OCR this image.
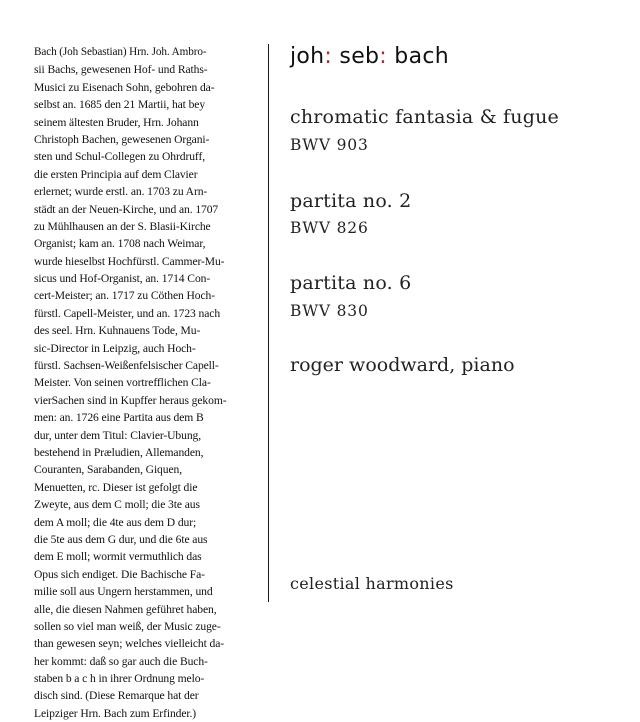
Bach (Joh Sebastian) Hrn. Joh. Ambro-
sii Bachs, gewesenen Hof- und Raths-
Musici zu Eisenach Sohn, gebohren da-
selbst an. 1685 den 21 Martii, hat bey
seinem ältesten Bruder, Hrn. Johann
Christoph Bachen, gewesenen Organi-
sten und Schul-Collegen zu Ohrdruff,
die ersten Principia auf dem Clavier
erlernet; wurde erstl. an. 1703 zu Arn-
städt an der Neuen-Kirche, und an. 1707
zu Mühlhausen an der S. Blasii-Kirche
Organist; kam an. 1708 nach Weimar,
wurde hieselbst Hochfürstl. Cammer-Mu-
sicus und Hof-Organist, an. 1714 Con-
cert-Meister; an. 1717 zu Cöthen Hoch-
fürstl. Capell-Meister, und an. 1723 nach
des seel. Hrn. Kuhnauens Tode, Mu-
sic-Director in Leipzig, auch Hoch-
fürstl. Sachsen-Weißenfelsischer Capell-
Meister. Von seinen vortrefflichen Cla-
vierSachen sind in Kupffer heraus gekom-
men: an. 1726 eine Partita aus dem B
dur, unter dem Titul: Clavier-Ubung,
bestehend in Præludien, Allemanden,
Couranten, Sarabanden, Giquen,
Menuetten, rc. Dieser ist gefolgt die
Zweyte, aus dem C moll; die 3te aus
dem A moll; die 4te aus dem D dur;
die 5te aus dem G dur, und die 6te aus
dem E moll; wormit vermuthlich das
Opus sich endiget. Die Bachische Fa-
milie soll aus Ungern herstammen, und
alle, die diesen Nahmen geführet haben,
sollen so viel man weiß, der Music zuge-
than gewesen seyn; welches vielleicht da-
her kommt: daß so gar auch die Buch-
staben b a c h in ihrer Ordnung melo-
disch sind. (Diese Remarque hat der
Leipziger Hrn. Bach zum Erfinder.)
joh: seb: bach
chromatic fantasia & fugue
BWV 903
partita no. 2
BWV 826
partita no. 6
BWV 830
roger woodward, piano
celestial harmonies
